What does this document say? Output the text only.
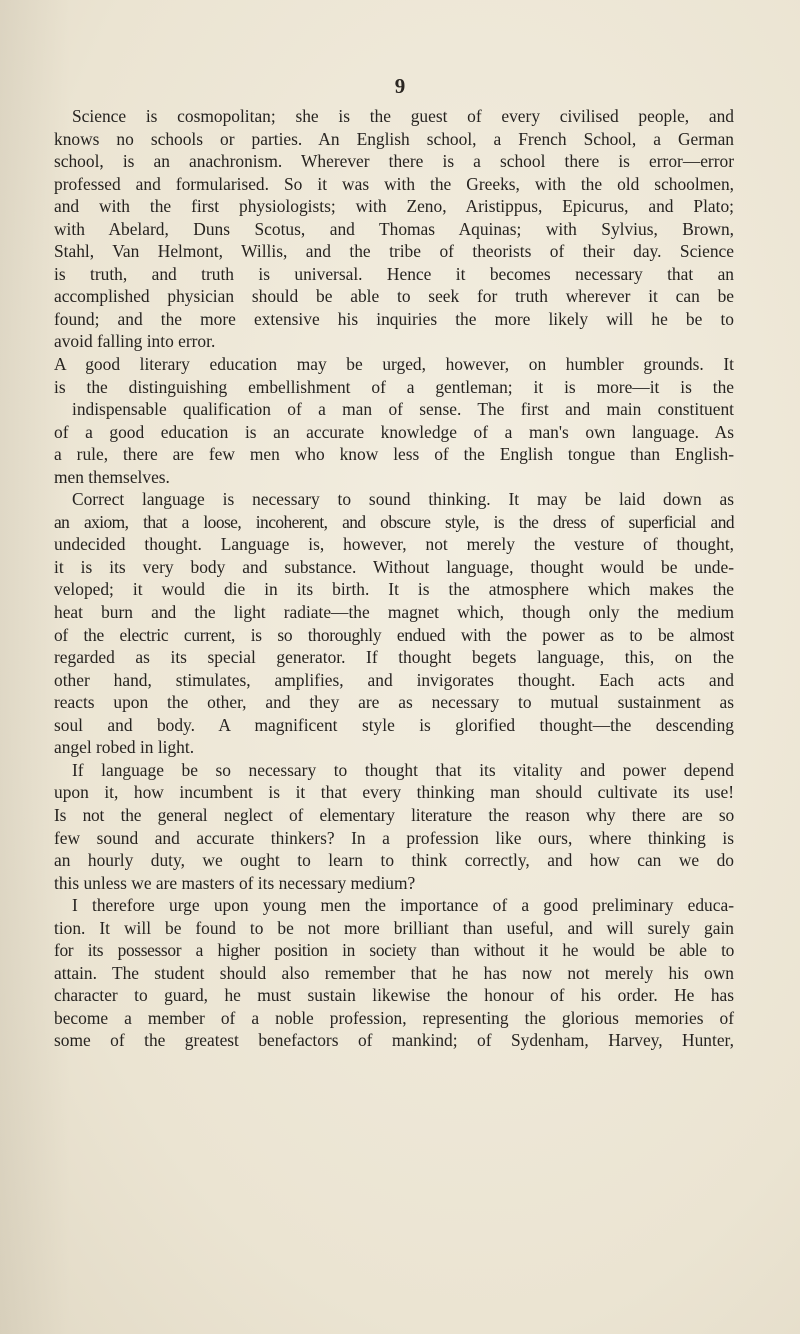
9

Science is cosmopolitan; she is the guest of every civilised people, and
knows no schools or parties. An English school, a French School, a German
school, is an anachronism. Wherever there is a school there is error—error
professed and formularised. So it was with the Greeks, with the old schoolmen,
and with the first physiologists; with Zeno, Aristippus, Epicurus, and Plato;
with Abelard, Duns Scotus, and Thomas Aquinas; with Sylvius, Brown,
Stahl, Van Helmont, Willis, and the tribe of theorists of their day. Science
is truth, and truth is universal. Hence it becomes necessary that an
accomplished physician should be able to seek for truth wherever it can be
found; and the more extensive his inquiries the more likely will he be to
avoid falling into error.

A good literary education may be urged, however, on humbler grounds. It
is the distinguishing embellishment of a gentleman; it is more—it is the
indispensable qualification of a man of sense. The first and main constituent
of a good education is an accurate knowledge of a man's own language. As
a rule, there are few men who know less of the English tongue than English-
men themselves.

Correct language is necessary to sound thinking. It may be laid down as
an axiom, that a loose, incoherent, and obscure style, is the dress of superficial and
undecided thought. Language is, however, not merely the vesture of thought,
it is its very body and substance. Without language, thought would be unde-
veloped; it would die in its birth. It is the atmosphere which makes the
heat burn and the light radiate—the magnet which, though only the medium
of the electric current, is so thoroughly endued with the power as to be almost
regarded as its special generator. If thought begets language, this, on the
other hand, stimulates, amplifies, and invigorates thought. Each acts and
reacts upon the other, and they are as necessary to mutual sustainment as
soul and body. A magnificent style is glorified thought—the descending
angel robed in light.

If language be so necessary to thought that its vitality and power depend
upon it, how incumbent is it that every thinking man should cultivate its use!
Is not the general neglect of elementary literature the reason why there are so
few sound and accurate thinkers? In a profession like ours, where thinking is
an hourly duty, we ought to learn to think correctly, and how can we do
this unless we are masters of its necessary medium?

I therefore urge upon young men the importance of a good preliminary educa-
tion. It will be found to be not more brilliant than useful, and will surely gain
for its possessor a higher position in society than without it he would be able to
attain. The student should also remember that he has now not merely his own
character to guard, he must sustain likewise the honour of his order. He has
become a member of a noble profession, representing the glorious memories of
some of the greatest benefactors of mankind; of Sydenham, Harvey, Hunter,
